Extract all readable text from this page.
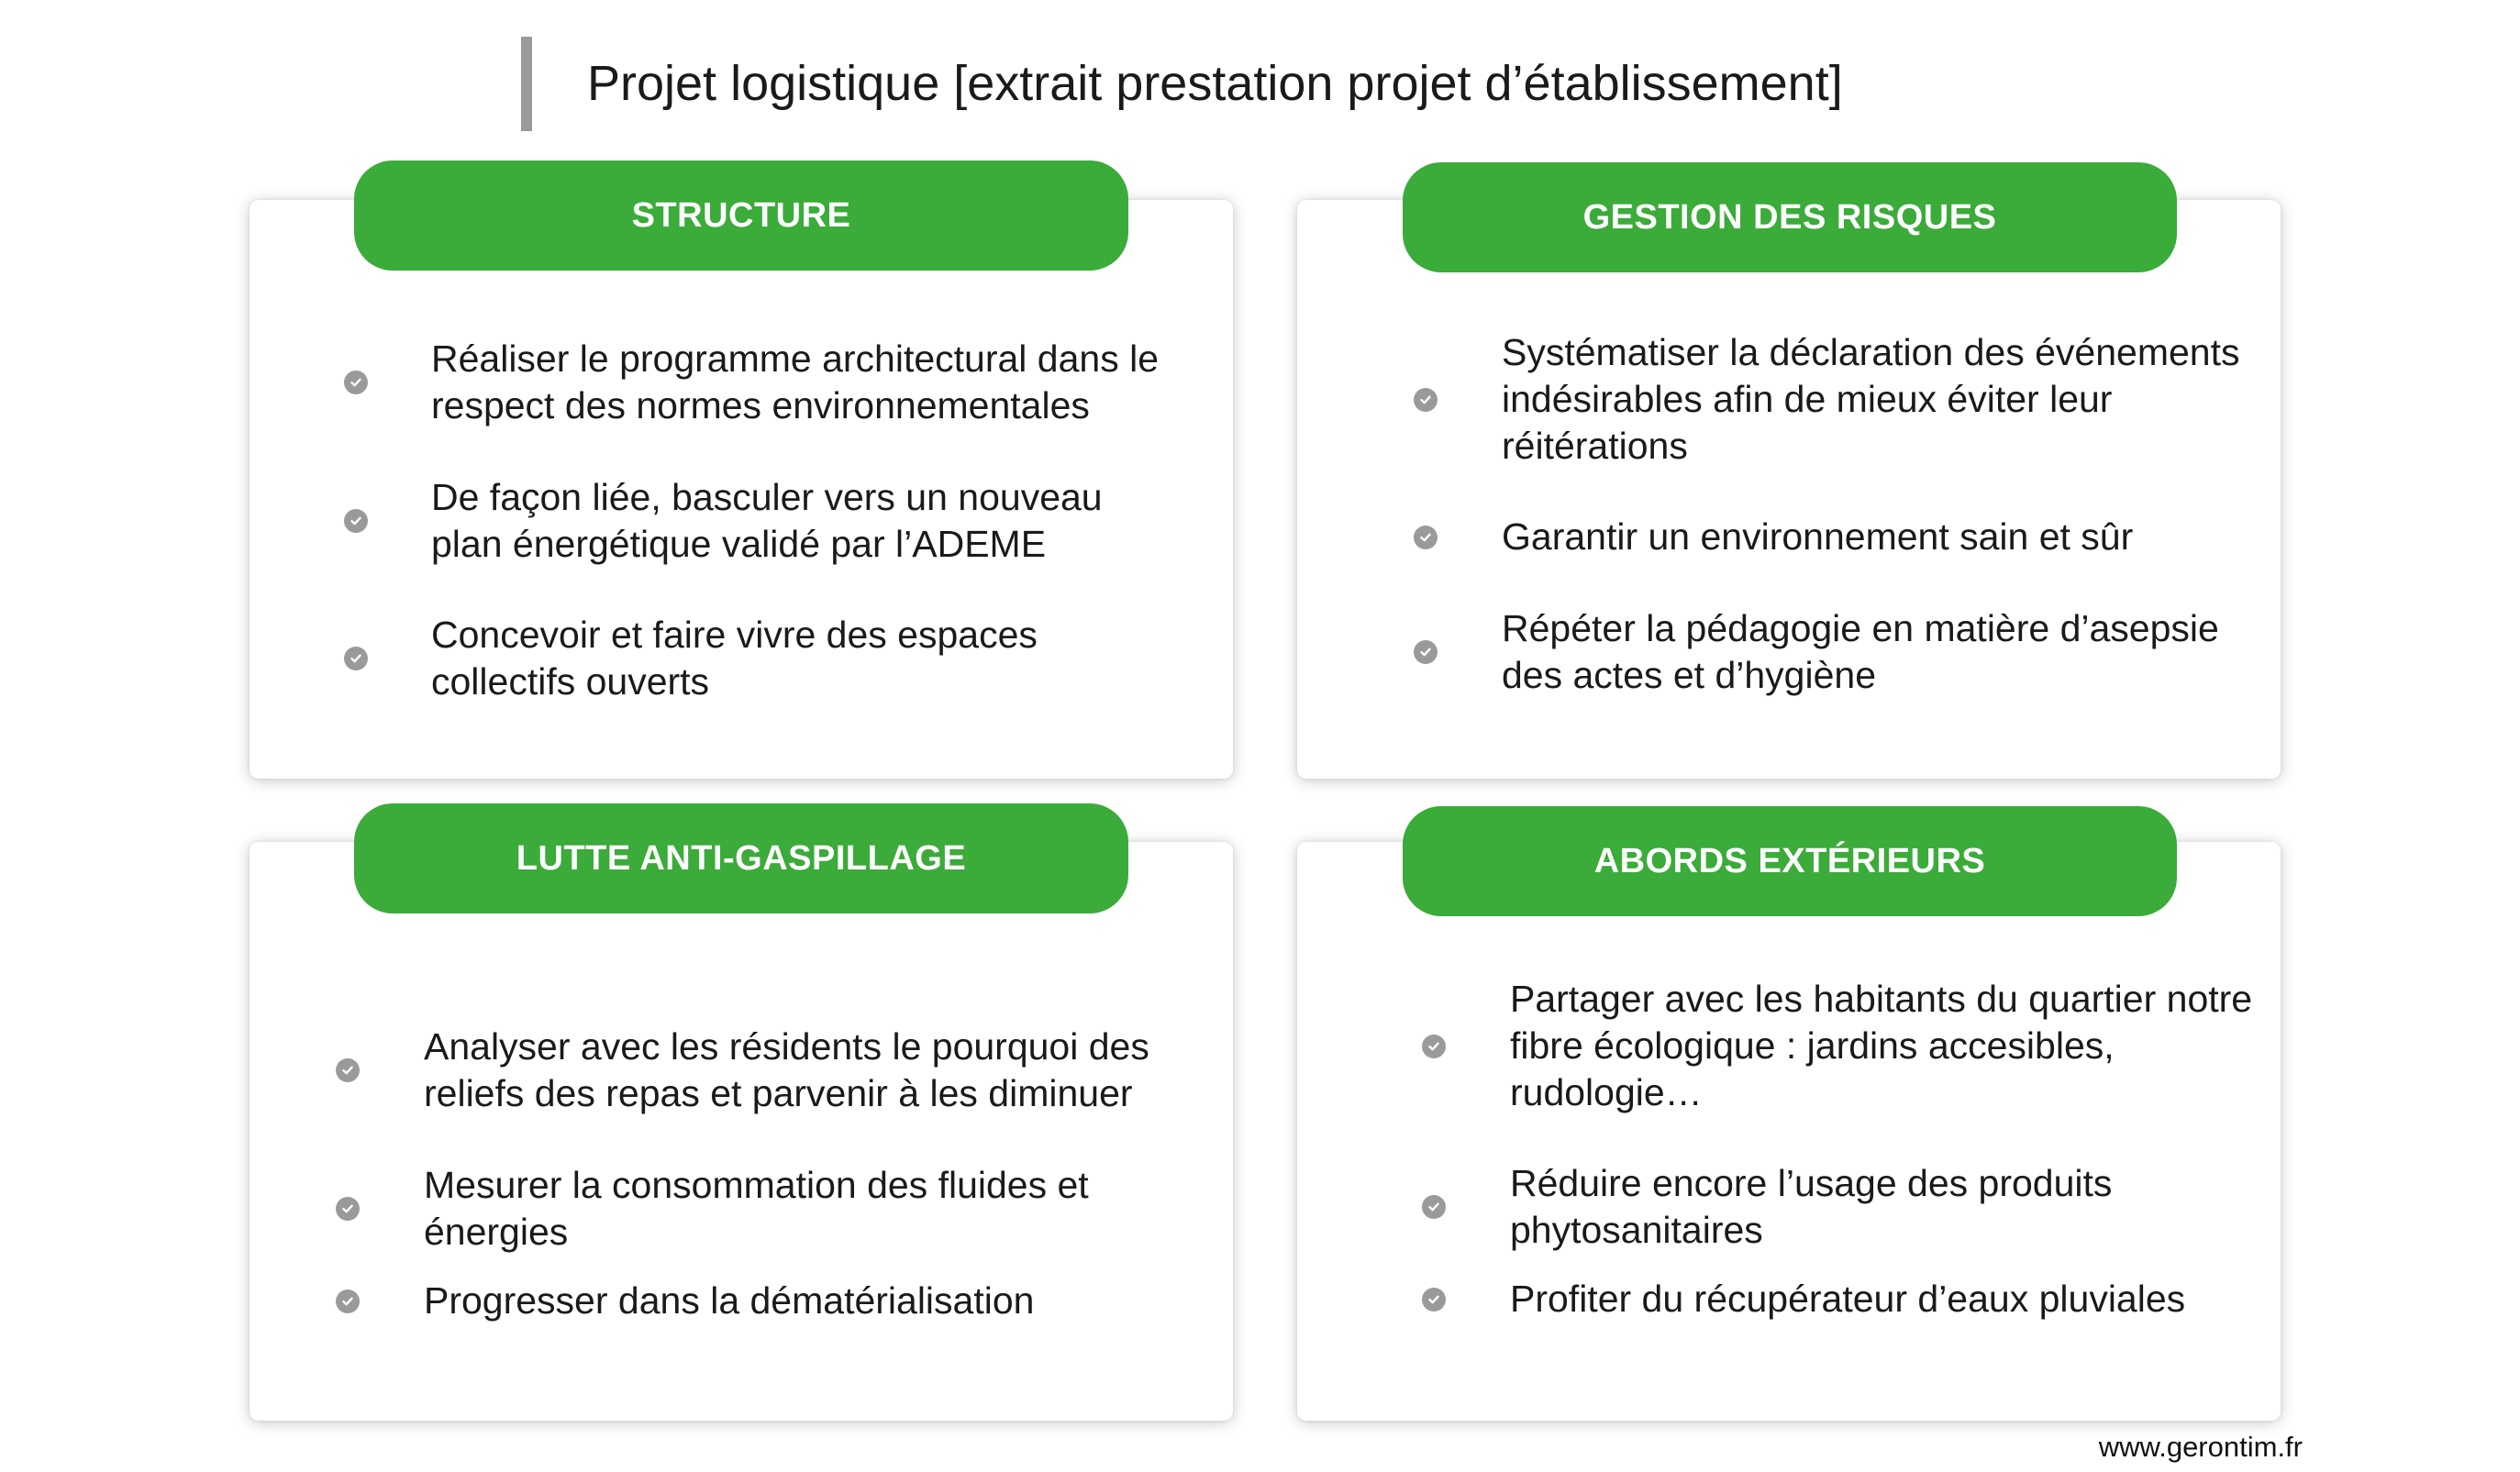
Projet logistique [extrait prestation projet d’établissement]
STRUCTURE
Réaliser le programme architectural dans le respect des normes environnementales
De façon liée, basculer vers un nouveau plan énergétique validé par l’ADEME
Concevoir et faire vivre des espaces collectifs ouverts
GESTION DES RISQUES
Systématiser la déclaration des événements indésirables afin de mieux éviter leur réitérations
Garantir un environnement sain et sûr
Répéter la pédagogie en matière d’asepsie des actes et d’hygiène
LUTTE ANTI-GASPILLAGE
Analyser avec les résidents le pourquoi des reliefs des repas et parvenir à les diminuer
Mesurer la consommation des fluides et énergies
Progresser dans la dématérialisation
ABORDS EXTÉRIEURS
Partager avec les habitants du quartier notre fibre écologique : jardins accesibles, rudologie…
Réduire encore l’usage des produits phytosanitaires
Profiter du récupérateur d’eaux pluviales
www.gerontim.fr
